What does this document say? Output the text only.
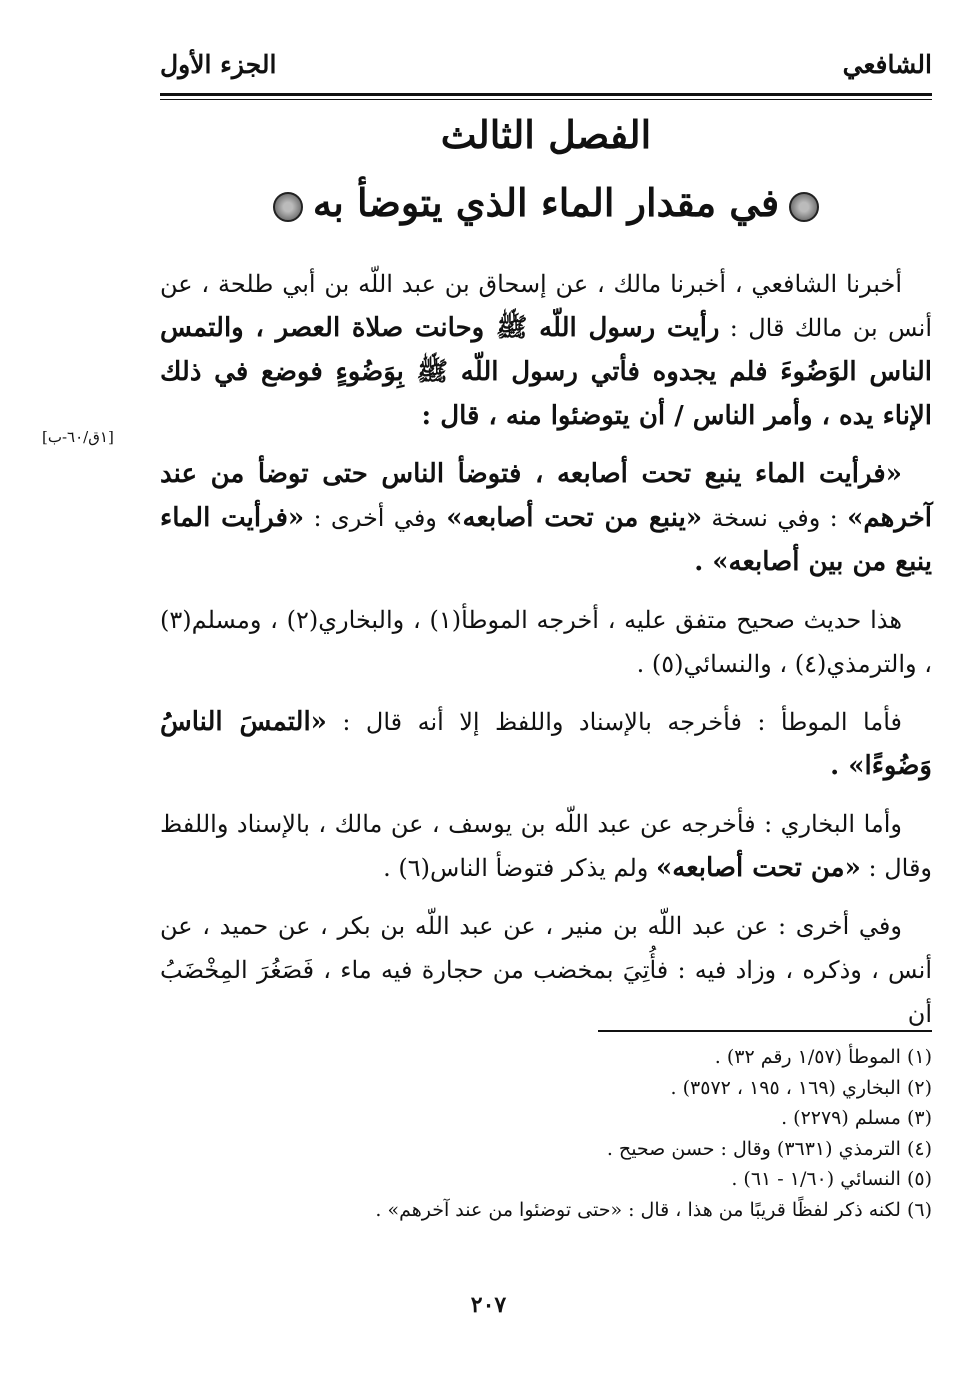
الشافعي
الجزء الأول
الفصل الثالث
في مقدار الماء الذي يتوضأ به
[١ق/٦٠-ب]

أخبرنا الشافعي ، أخبرنا مالك ، عن إسحاق بن عبد اللّه بن أبي طلحة ، عن أنس بن مالك قال : رأيت رسول اللّه ﷺ وحانت صلاة العصر ، والتمس الناس الوَضُوءَ فلم يجدوه فأتي رسول اللّه ﷺ بِوَضُوءٍ فوضع في ذلك الإناء يده ، وأمر الناس / أن يتوضئوا منه ، قال :

«فرأيت الماء ينبع تحت أصابعه ، فتوضأ الناس حتى توضأ من عند آخرهم» : وفي نسخة «ينبع من تحت أصابعه» وفي أخرى : «فرأيت الماء ينبع من بين أصابعه» .

هذا حديث صحيح متفق عليه ، أخرجه الموطأ(١) ، والبخاري(٢) ، ومسلم(٣) ، والترمذي(٤) ، والنسائي(٥) .

فأما الموطأ : فأخرجه بالإسناد واللفظ إلا أنه قال : «التمسَ الناسُ وَضُوءًا» .

وأما البخاري : فأخرجه عن عبد اللّه بن يوسف ، عن مالك ، بالإسناد واللفظ وقال : «من تحت أصابعه» ولم يذكر فتوضأ الناس(٦) .

وفي أخرى : عن عبد اللّه بن منير ، عن عبد اللّه بن بكر ، عن حميد ، عن أنس ، وذكره ، وزاد فيه : فأُتِيَ بمخضب من حجارة فيه ماء ، فَصَغُرَ المِخْضَبُ أن

(١) الموطأ (١/٥٧ رقم ٣٢) .
(٢) البخاري (١٦٩ ، ١٩٥ ، ٣٥٧٢) .
(٣) مسلم (٢٢٧٩) .
(٤) الترمذي (٣٦٣١) وقال : حسن صحيح .
(٥) النسائي (١/٦٠ - ٦١) .
(٦) لكنه ذكر لفظًا قريبًا من هذا ، قال : «حتى توضئوا من عند آخرهم» .
٢٠٧
